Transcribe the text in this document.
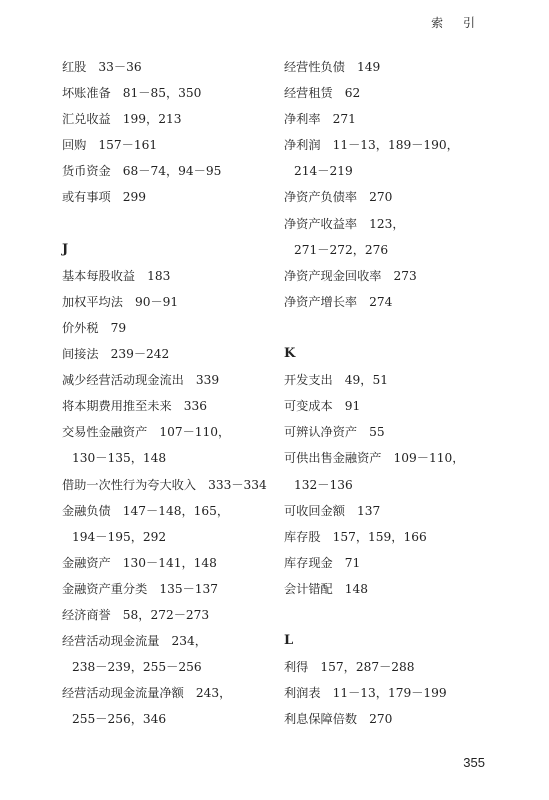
索 引
红股 33－36
坏账准备 81－85，350
汇兑收益 199，213
回购 157－161
货币资金 68－74，94－95
或有事项 299
J
基本每股收益 183
加权平均法 90－91
价外税 79
间接法 239－242
减少经营活动现金流出 339
将本期费用推至未来 336
交易性金融资产 107－110，
130－135，148
借助一次性行为夸大收入 333－334
金融负债 147－148，165，
194－195，292
金融资产 130－141，148
金融资产重分类 135－137
经济商誉 58，272－273
经营活动现金流量 234，
238－239，255－256
经营活动现金流量净额 243，
255－256，346
经营性负债 149
经营租赁 62
净利率 271
净利润 11－13，189－190，
214－219
净资产负债率 270
净资产收益率 123，
271－272，276
净资产现金回收率 273
净资产增长率 274
K
开发支出 49，51
可变成本 91
可辨认净资产 55
可供出售金融资产 109－110，
132－136
可收回金额 137
库存股 157，159，166
库存现金 71
会计错配 148
L
利得 157，287－288
利润表 11－13，179－199
利息保障倍数 270
355
